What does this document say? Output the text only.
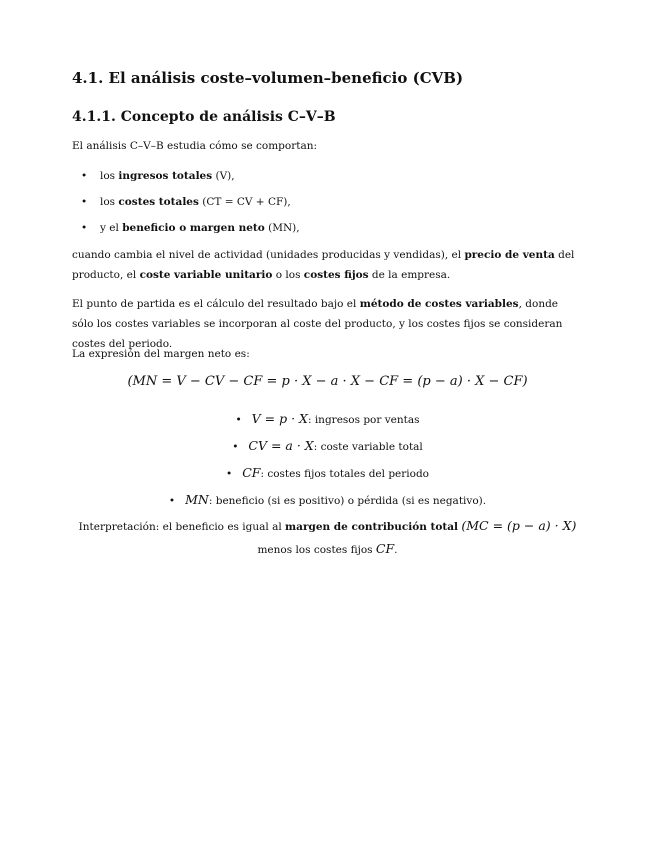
4.1. El análisis coste–volumen–beneficio (CVB)
4.1.1. Concepto de análisis C–V–B

El análisis C–V–B estudia cómo se comportan:

• los ingresos totales (V),
• los costes totales (CT = CV + CF),
• y el beneficio o margen neto (MN),

cuando cambia el nivel de actividad (unidades producidas y vendidas), el precio de venta del producto, el coste variable unitario o los costes fijos de la empresa.

El punto de partida es el cálculo del resultado bajo el método de costes variables, donde sólo los costes variables se incorporan al coste del producto, y los costes fijos se consideran costes del periodo.

La expresión del margen neto es:

(MN = V − CV − CF = p · X − a · X − CF = (p − a) · X − CF)
• V = p · X: ingresos por ventas
• CV = a · X: coste variable total
• CF: costes fijos totales del periodo
• MN: beneficio (si es positivo) o pérdida (si es negativo).
Interpretación: el beneficio es igual al margen de contribución total (MC = (p − a) · X)
menos los costes fijos CF.
